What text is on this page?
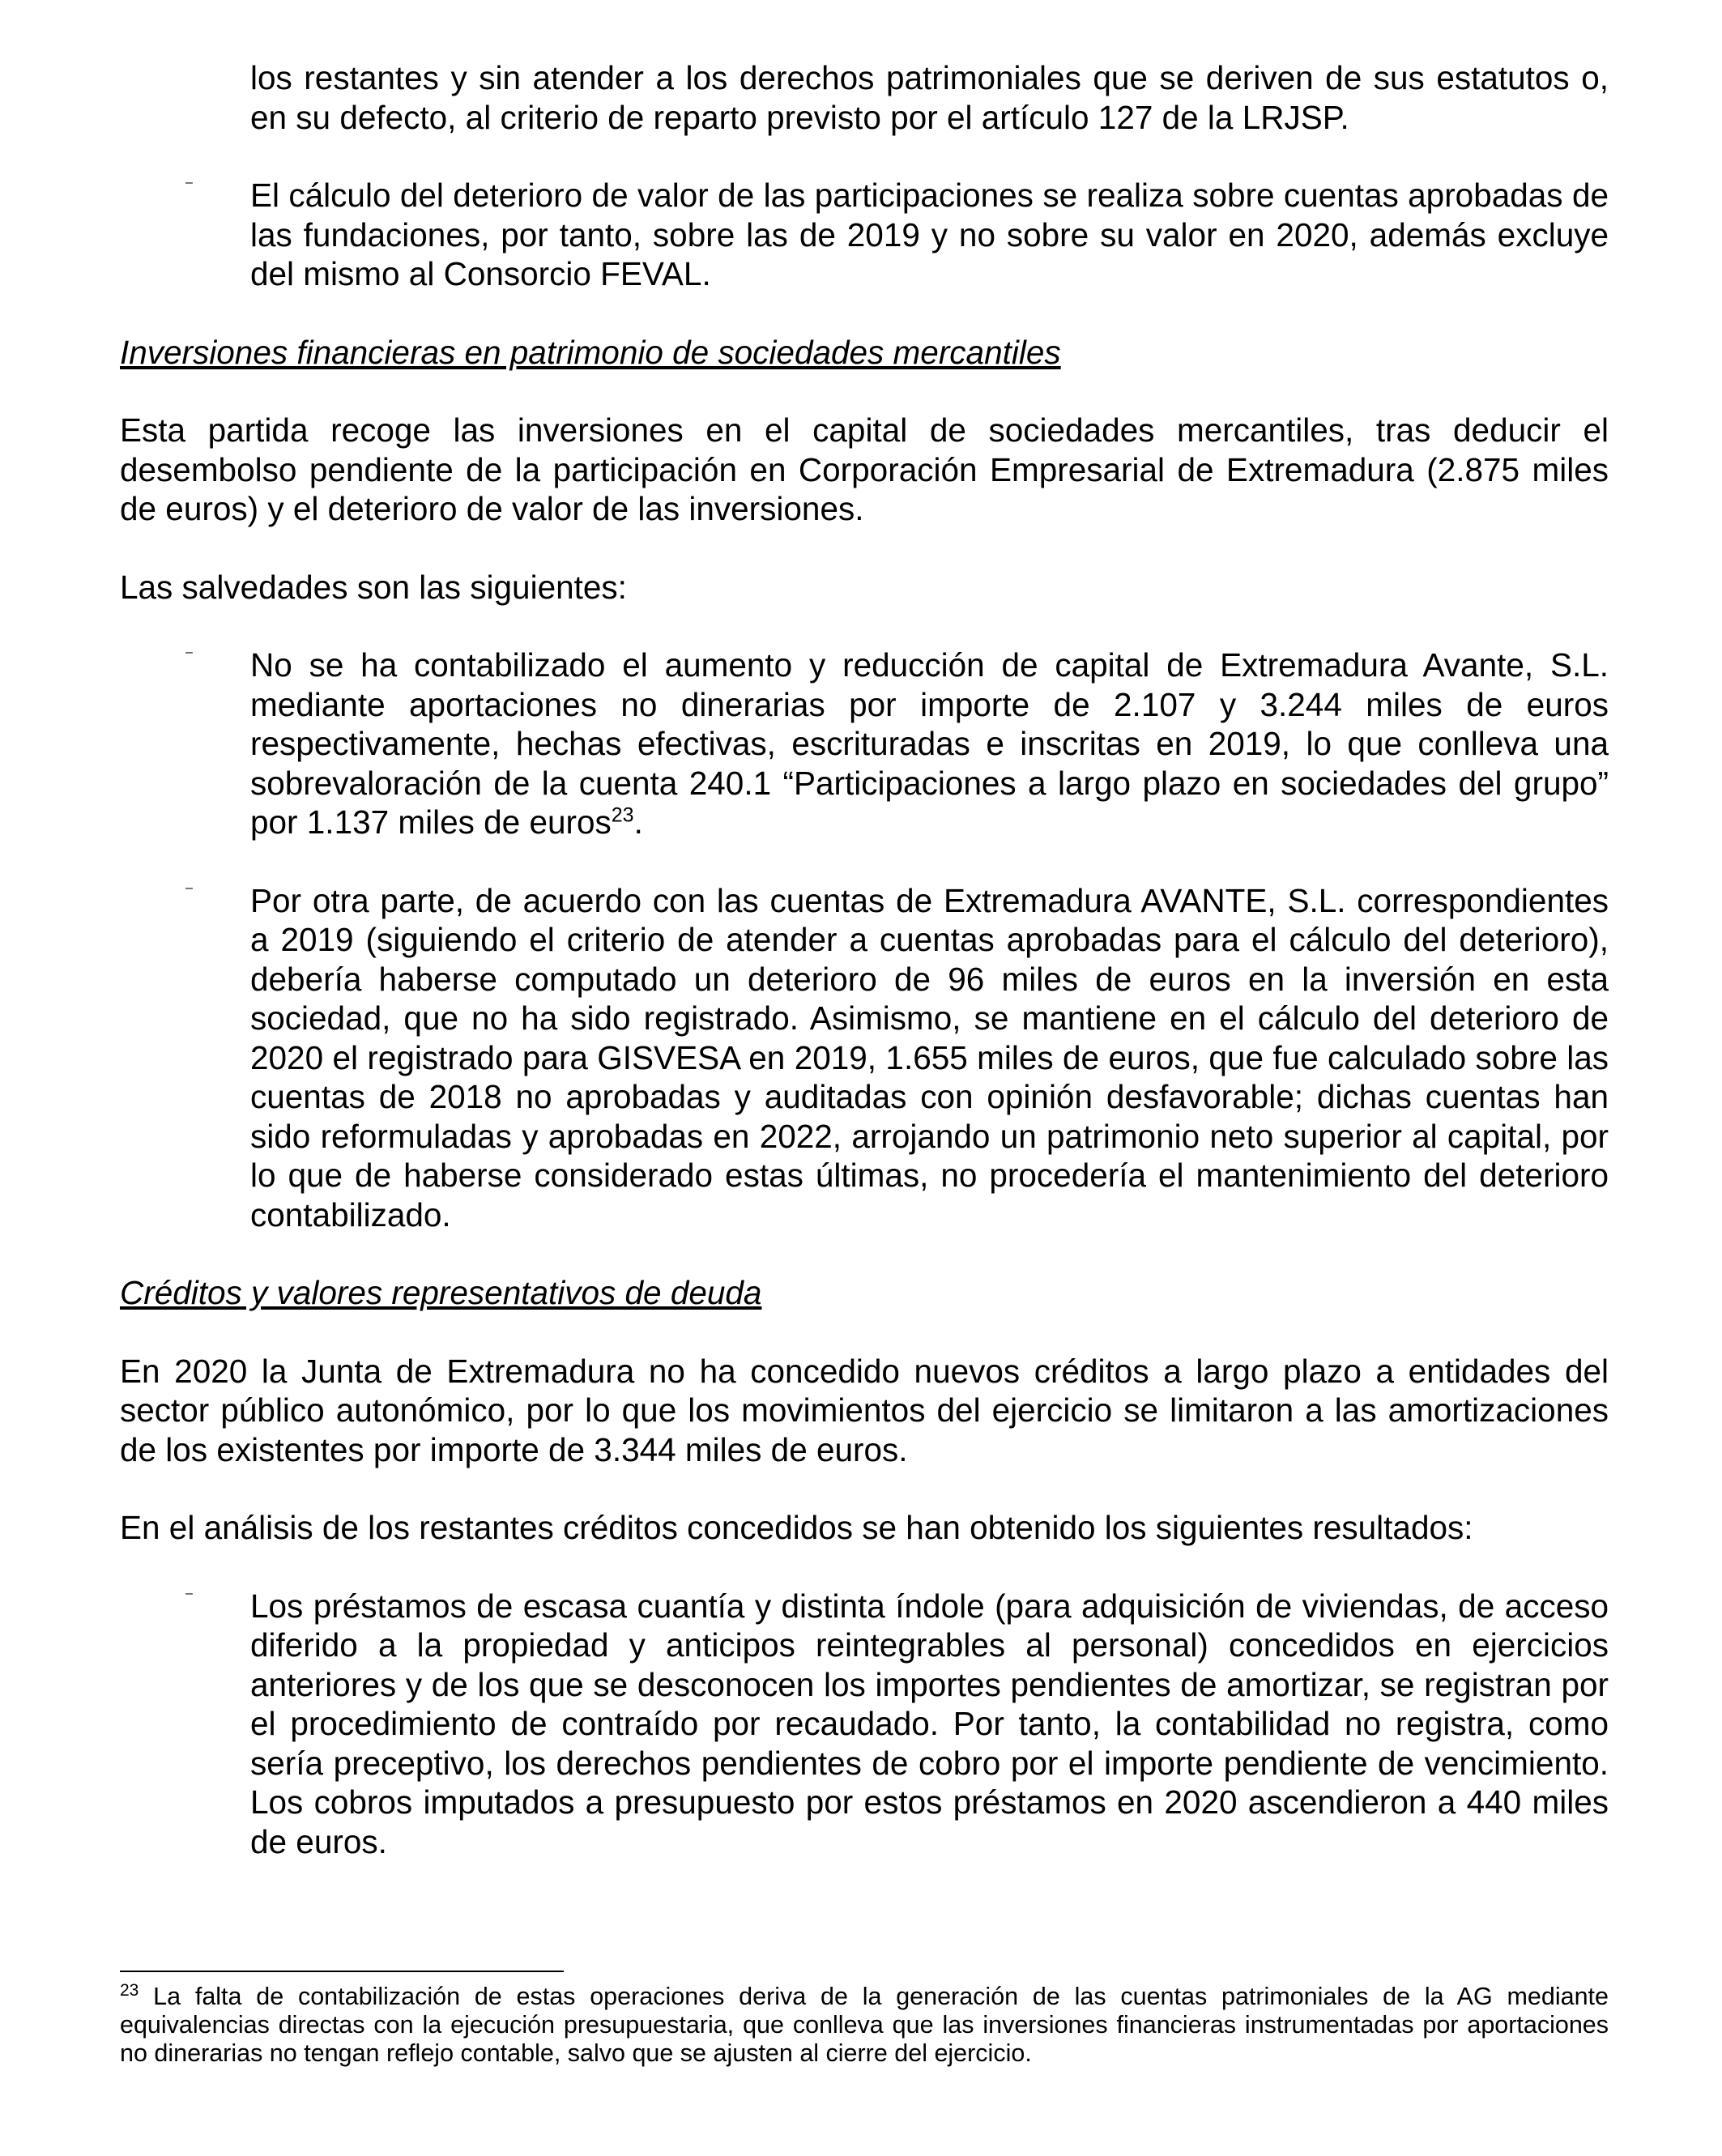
los restantes y sin atender a los derechos patrimoniales que se deriven de sus estatutos o, en su defecto, al criterio de reparto previsto por el artículo 127 de la LRJSP.

–	El cálculo del deterioro de valor de las participaciones se realiza sobre cuentas aprobadas de las fundaciones, por tanto, sobre las de 2019 y no sobre su valor en 2020, además excluye del mismo al Consorcio FEVAL.

Inversiones financieras en patrimonio de sociedades mercantiles

Esta partida recoge las inversiones en el capital de sociedades mercantiles, tras deducir el desembolso pendiente de la participación en Corporación Empresarial de Extremadura (2.875 miles de euros) y el deterioro de valor de las inversiones.

Las salvedades son las siguientes:

–	No se ha contabilizado el aumento y reducción de capital de Extremadura Avante, S.L. mediante aportaciones no dinerarias por importe de 2.107 y 3.244 miles de euros respectivamente, hechas efectivas, escrituradas e inscritas en 2019, lo que conlleva una sobrevaloración de la cuenta 240.1 “Participaciones a largo plazo en sociedades del grupo” por 1.137 miles de euros$^{23}$.

–	Por otra parte, de acuerdo con las cuentas de Extremadura AVANTE, S.L. correspondientes a 2019 (siguiendo el criterio de atender a cuentas aprobadas para el cálculo del deterioro), debería haberse computado un deterioro de 96 miles de euros en la inversión en esta sociedad, que no ha sido registrado. Asimismo, se mantiene en el cálculo del deterioro de 2020 el registrado para GISVESA en 2019, 1.655 miles de euros, que fue calculado sobre las cuentas de 2018 no aprobadas y auditadas con opinión desfavorable; dichas cuentas han sido reformuladas y aprobadas en 2022, arrojando un patrimonio neto superior al capital, por lo que de haberse considerado estas últimas, no procedería el mantenimiento del deterioro contabilizado.

Créditos y valores representativos de deuda

En 2020 la Junta de Extremadura no ha concedido nuevos créditos a largo plazo a entidades del sector público autonómico, por lo que los movimientos del ejercicio se limitaron a las amortizaciones de los existentes por importe de 3.344 miles de euros.

En el análisis de los restantes créditos concedidos se han obtenido los siguientes resultados:

–	Los préstamos de escasa cuantía y distinta índole (para adquisición de viviendas, de acceso diferido a la propiedad y anticipos reintegrables al personal) concedidos en ejercicios anteriores y de los que se desconocen los importes pendientes de amortizar, se registran por el procedimiento de contraído por recaudado. Por tanto, la contabilidad no registra, como sería preceptivo, los derechos pendientes de cobro por el importe pendiente de vencimiento. Los cobros imputados a presupuesto por estos préstamos en 2020 ascendieron a 440 miles de euros.

$^{23}$ La falta de contabilización de estas operaciones deriva de la generación de las cuentas patrimoniales de la AG mediante equivalencias directas con la ejecución presupuestaria, que conlleva que las inversiones financieras instrumentadas por aportaciones no dinerarias no tengan reflejo contable, salvo que se ajusten al cierre del ejercicio.
